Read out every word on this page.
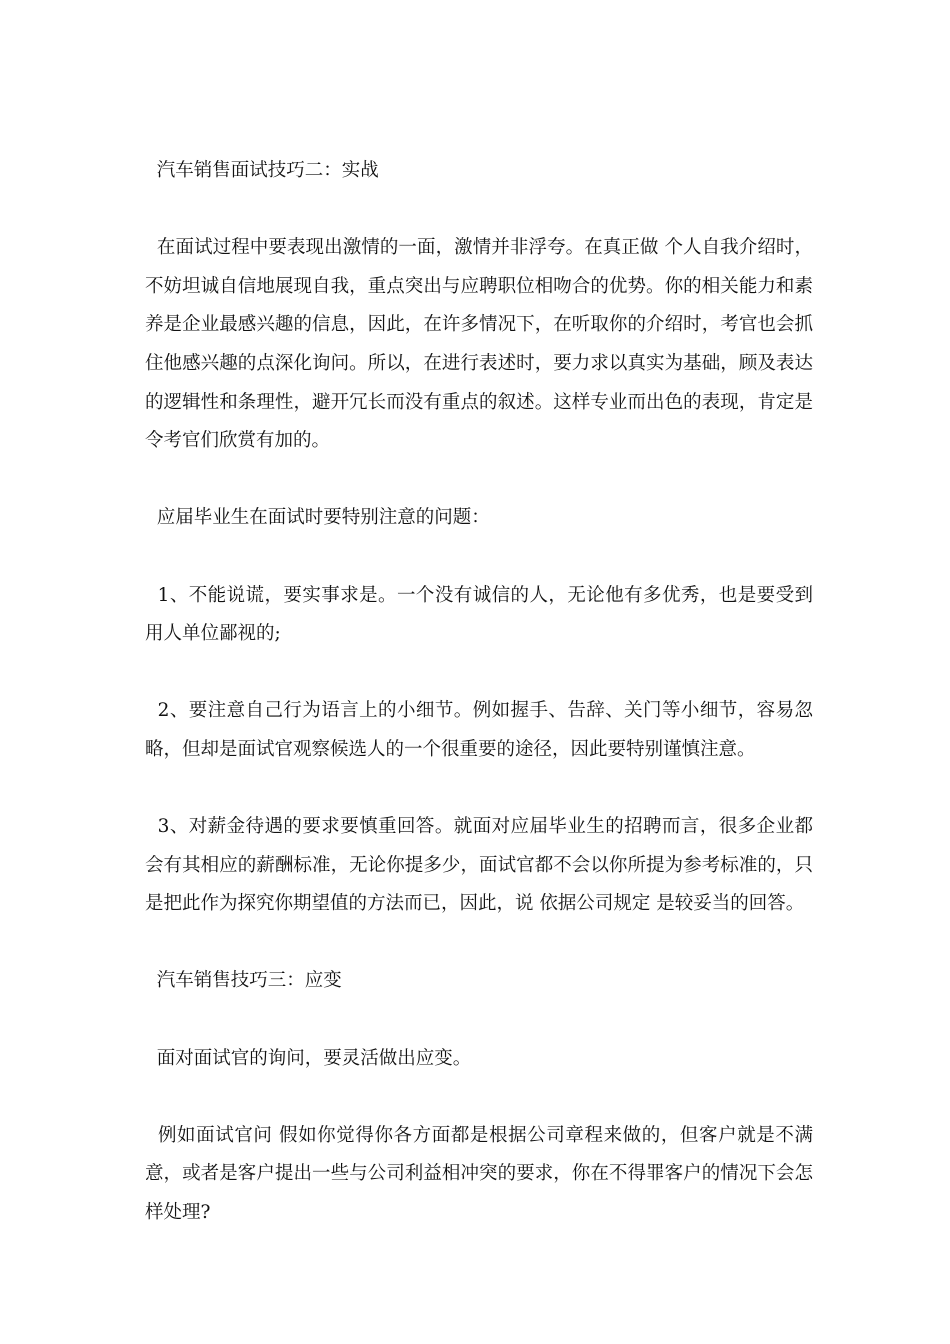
汽车销售面试技巧二：实战

在面试过程中要表现出激情的一面，激情并非浮夸。在真正做 个人自我介绍时，不妨坦诚自信地展现自我，重点突出与应聘职位相吻合的优势。你的相关能力和素养是企业最感兴趣的信息，因此，在许多情况下，在听取你的介绍时，考官也会抓住他感兴趣的点深化询问。所以，在进行表述时，要力求以真实为基础，顾及表达的逻辑性和条理性，避开冗长而没有重点的叙述。这样专业而出色的表现，肯定是令考官们欣赏有加的。

应届毕业生在面试时要特别注意的问题：

1、不能说谎，要实事求是。一个没有诚信的人，无论他有多优秀，也是要受到用人单位鄙视的;

2、要注意自己行为语言上的小细节。例如握手、告辞、关门等小细节，容易忽略，但却是面试官观察候选人的一个很重要的途径，因此要特别谨慎注意。

3、对薪金待遇的要求要慎重回答。就面对应届毕业生的招聘而言，很多企业都会有其相应的薪酬标准，无论你提多少，面试官都不会以你所提为参考标准的，只是把此作为探究你期望值的方法而已，因此，说 依据公司规定 是较妥当的回答。

汽车销售技巧三：应变

面对面试官的询问，要灵活做出应变。

例如面试官问 假如你觉得你各方面都是根据公司章程来做的，但客户就是不满意，或者是客户提出一些与公司利益相冲突的要求，你在不得罪客户的情况下会怎样处理?
